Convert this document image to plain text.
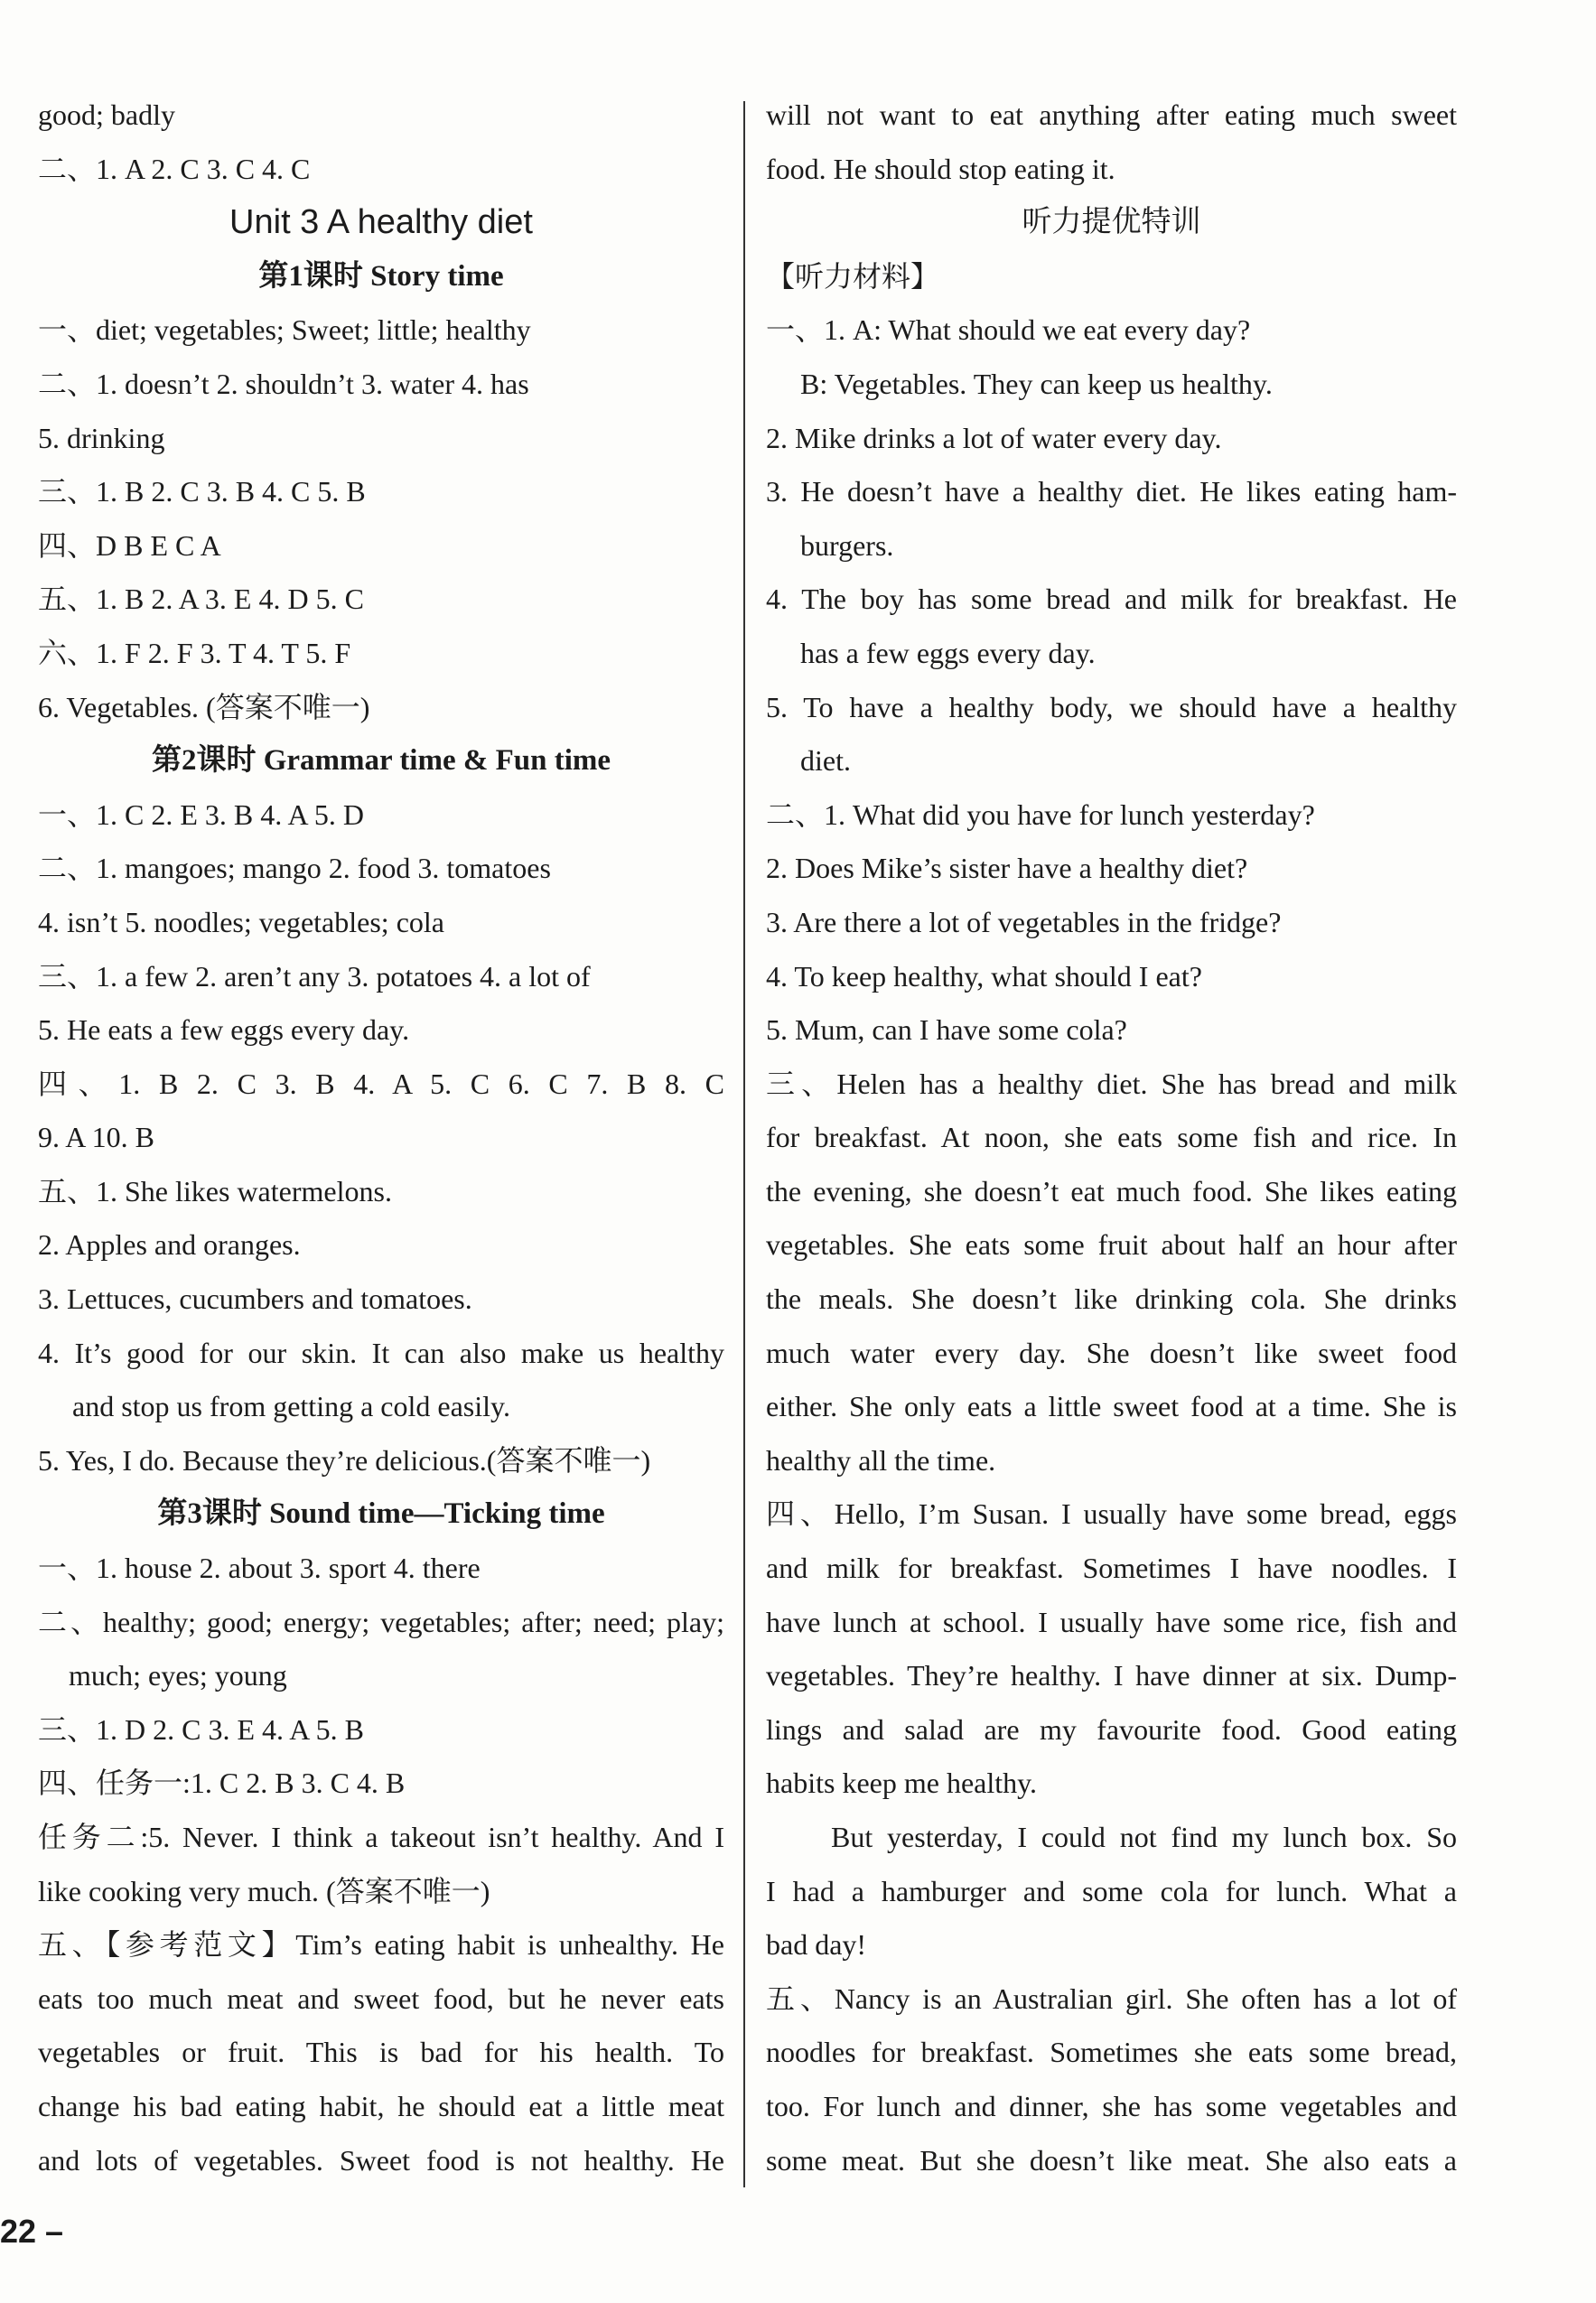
good; badly
二、1. A 2. C 3. C 4. C
Unit 3 A healthy diet
第1课时 Story time
一、diet; vegetables; Sweet; little; healthy
二、1. doesn’t 2. shouldn’t 3. water 4. has
5. drinking
三、1. B 2. C 3. B 4. C 5. B
四、D B E C A
五、1. B 2. A 3. E 4. D 5. C
六、1. F 2. F 3. T 4. T 5. F
6. Vegetables. (答案不唯一)
第2课时 Grammar time & Fun time
一、1. C 2. E 3. B 4. A 5. D
二、1. mangoes; mango 2. food 3. tomatoes
4. isn’t 5. noodles; vegetables; cola
三、1. a few 2. aren’t any 3. potatoes 4. a lot of
5. He eats a few eggs every day.
四、1. B 2. C 3. B 4. A 5. C 6. C 7. B 8. C
9. A 10. B
五、1. She likes watermelons.
2. Apples and oranges.
3. Lettuces, cucumbers and tomatoes.
4. It’s good for our skin. It can also make us healthy
and stop us from getting a cold easily.
5. Yes, I do. Because they’re delicious.(答案不唯一)
第3课时 Sound time—Ticking time
一、1. house 2. about 3. sport 4. there
二、healthy; good; energy; vegetables; after; need; play;
much; eyes; young
三、1. D 2. C 3. E 4. A 5. B
四、任务一:1. C 2. B 3. C 4. B
任务二:5. Never. I think a takeout isn’t healthy. And I
like cooking very much. (答案不唯一)
五、【参考范文】Tim’s eating habit is unhealthy. He
eats too much meat and sweet food, but he never eats
vegetables or fruit. This is bad for his health. To
change his bad eating habit, he should eat a little meat
and lots of vegetables. Sweet food is not healthy. He
will not want to eat anything after eating much sweet
food. He should stop eating it.
听力提优特训
【听力材料】
一、1. A: What should we eat every day?
B: Vegetables. They can keep us healthy.
2. Mike drinks a lot of water every day.
3. He doesn’t have a healthy diet. He likes eating ham-
burgers.
4. The boy has some bread and milk for breakfast. He
has a few eggs every day.
5. To have a healthy body, we should have a healthy
diet.
二、1. What did you have for lunch yesterday?
2. Does Mike’s sister have a healthy diet?
3. Are there a lot of vegetables in the fridge?
4. To keep healthy, what should I eat?
5. Mum, can I have some cola?
三、Helen has a healthy diet. She has bread and milk
for breakfast. At noon, she eats some fish and rice. In
the evening, she doesn’t eat much food. She likes eating
vegetables. She eats some fruit about half an hour after
the meals. She doesn’t like drinking cola. She drinks
much water every day. She doesn’t like sweet food
either. She only eats a little sweet food at a time. She is
healthy all the time.
四、Hello, I’m Susan. I usually have some bread, eggs
and milk for breakfast. Sometimes I have noodles. I
have lunch at school. I usually have some rice, fish and
vegetables. They’re healthy. I have dinner at six. Dump-
lings and salad are my favourite food. Good eating
habits keep me healthy.
But yesterday, I could not find my lunch box. So
I had a hamburger and some cola for lunch. What a
bad day!
五、Nancy is an Australian girl. She often has a lot of
noodles for breakfast. Sometimes she eats some bread,
too. For lunch and dinner, she has some vegetables and
some meat. But she doesn’t like meat. She also eats a
22 –
